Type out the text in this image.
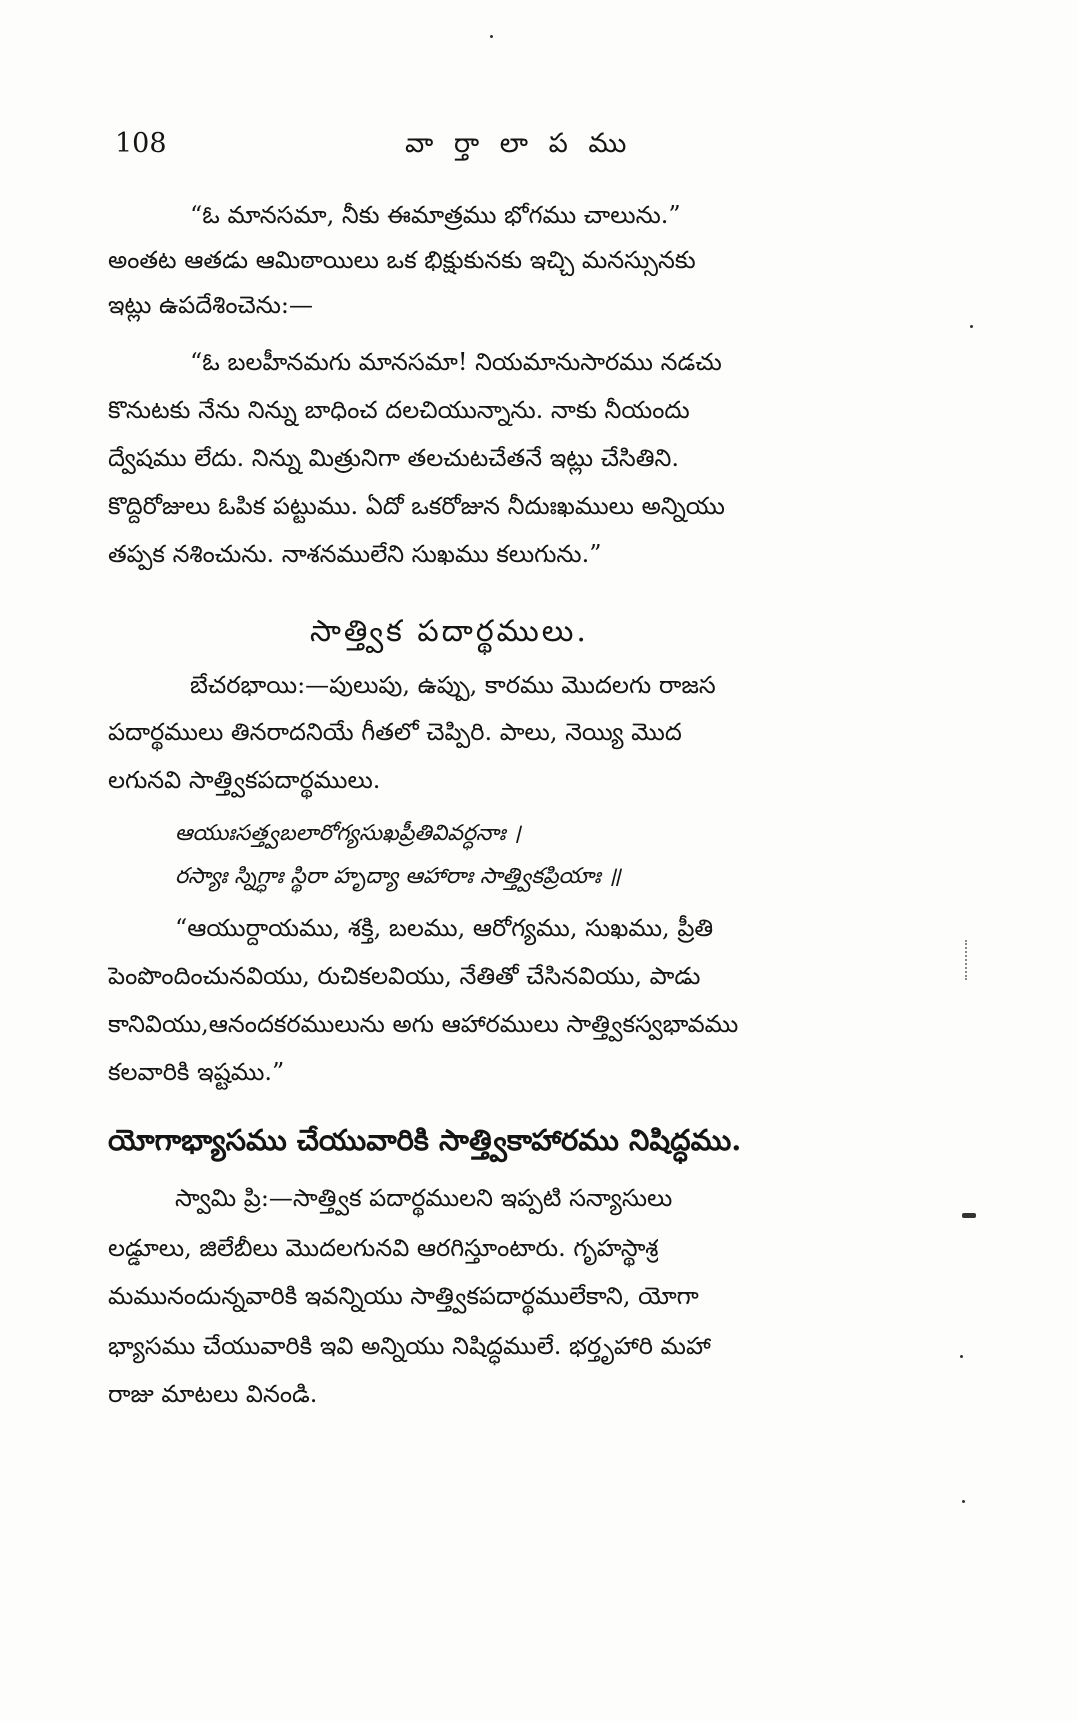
108	వా ర్తా లా ప ము
“ఓ మానసమా, నీకు ఈమాత్రము భోగము చాలును.”
అంతట ఆతడు ఆమిఠాయిలు ఒక భిక్షుకునకు ఇచ్చి మనస్సునకు
ఇట్లు ఉపదేశించెను:—
“ఓ బలహీనమగు మానసమా! నియమానుసారము నడచు
కొనుటకు నేను నిన్ను బాధించ దలచియున్నాను. నాకు నీయందు
ద్వేషము లేదు. నిన్ను మిత్రునిగా తలచుటచేతనే ఇట్లు చేసితిని.
కొద్దిరోజులు ఓపిక పట్టుము. ఏదో ఒకరోజున నీదుఃఖములు అన్నియు
తప్పక నశించును. నాశనములేని సుఖము కలుగును.”
సాత్త్విక పదార్థములు.
బేచరభాయి:—పులుపు, ఉప్పు, కారము మొదలగు రాజస
పదార్థములు తినరాదనియే గీతలో చెప్పిరి. పాలు, నెయ్యి మొద
లగునవి సాత్త్వికపదార్థములు.
ఆయుఃసత్త్వబలారోగ్యసుఖప్రీతివివర్ధనాః ।
రస్యాః స్నిగ్ధాః స్థిరా హృద్యా ఆహారాః సాత్త్వికప్రియాః ॥
“ఆయుర్దాయము, శక్తి, బలము, ఆరోగ్యము, సుఖము, ప్రీతి
పెంపొందించునవియు, రుచికలవియు, నేతితో చేసినవియు, పాడు
కానివియు,ఆనందకరములును అగు ఆహారములు సాత్త్వికస్వభావము
కలవారికి ఇష్టము.”
యోగాభ్యాసము చేయువారికి సాత్త్వికాహారము నిషిద్ధము.
స్వామి ప్రి:—సాత్త్విక పదార్థములని ఇప్పటి సన్యాసులు
లడ్డూలు, జిలేబీలు మొదలగునవి ఆరగిస్తూంటారు. గృహస్థాశ్ర
మమునందున్నవారికి ఇవన్నియు సాత్త్వికపదార్థములేకాని, యోగా
భ్యాసము చేయువారికి ఇవి అన్నియు నిషిద్ధములే. భర్తృహారి మహా
రాజు మాటలు వినండి.
